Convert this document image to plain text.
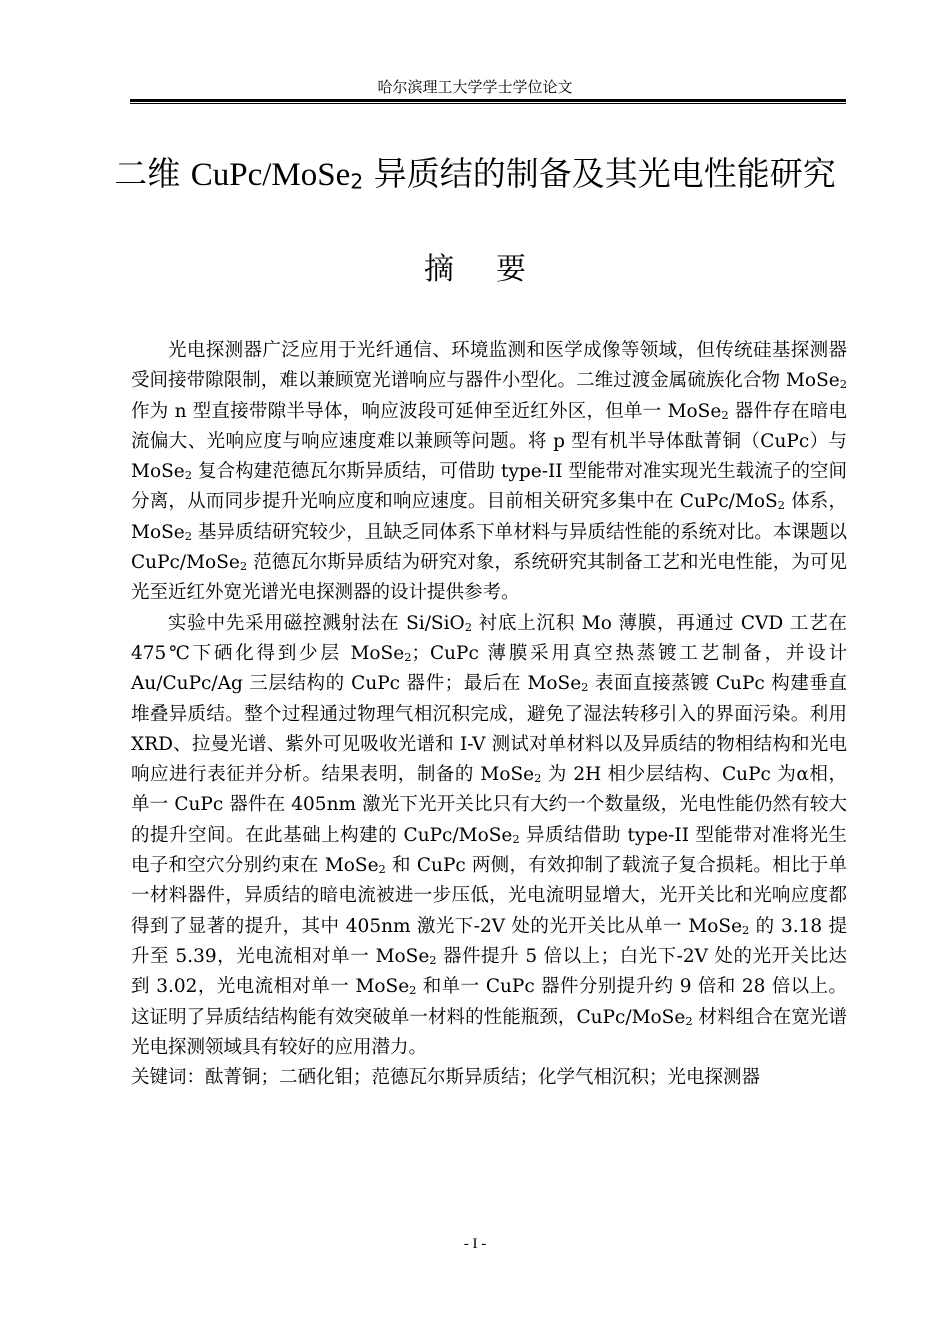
哈尔滨理工大学学士学位论文
二维 CuPc/MoSe$_2$ 异质结的制备及其光电性能研究
摘要

光电探测器广泛应用于光纤通信、环境监测和医学成像等领域，但传统硅基探测器受间接带隙限制，难以兼顾宽光谱响应与器件小型化。二维过渡金属硫族化合物 MoSe$_2$ 作为 n 型直接带隙半导体，响应波段可延伸至近红外区，但单一 MoSe$_2$ 器件存在暗电流偏大、光响应度与响应速度难以兼顾等问题。将 p 型有机半导体酞菁铜（CuPc）与 MoSe$_2$ 复合构建范德瓦尔斯异质结，可借助 type-II 型能带对准实现光生载流子的空间分离，从而同步提升光响应度和响应速度。目前相关研究多集中在 CuPc/MoS$_2$ 体系，MoSe$_2$ 基异质结研究较少，且缺乏同体系下单材料与异质结性能的系统对比。本课题以 CuPc/MoSe$_2$ 范德瓦尔斯异质结为研究对象，系统研究其制备工艺和光电性能，为可见光至近红外宽光谱光电探测器的设计提供参考。

实验中先采用磁控溅射法在 Si/SiO$_2$ 衬底上沉积 Mo 薄膜，再通过 CVD 工艺在 475℃下硒化得到少层 MoSe$_2$；CuPc 薄膜采用真空热蒸镀工艺制备，并设计 Au/CuPc/Ag 三层结构的 CuPc 器件；最后在 MoSe$_2$ 表面直接蒸镀 CuPc 构建垂直堆叠异质结。整个过程通过物理气相沉积完成，避免了湿法转移引入的界面污染。利用 XRD、拉曼光谱、紫外可见吸收光谱和 I-V 测试对单材料以及异质结的物相结构和光电响应进行表征并分析。结果表明，制备的 MoSe$_2$ 为 2H 相少层结构、CuPc 为α相，单一 CuPc 器件在 405nm 激光下光开关比只有大约一个数量级，光电性能仍然有较大的提升空间。在此基础上构建的 CuPc/MoSe$_2$ 异质结借助 type-II 型能带对准将光生电子和空穴分别约束在 MoSe$_2$ 和 CuPc 两侧，有效抑制了载流子复合损耗。相比于单一材料器件，异质结的暗电流被进一步压低，光电流明显增大，光开关比和光响应度都得到了显著的提升，其中 405nm 激光下-2V 处的光开关比从单一 MoSe$_2$ 的 3.18 提升至 5.39，光电流相对单一 MoSe$_2$ 器件提升 5 倍以上；白光下-2V 处的光开关比达到 3.02，光电流相对单一 MoSe$_2$ 和单一 CuPc 器件分别提升约 9 倍和 28 倍以上。这证明了异质结结构能有效突破单一材料的性能瓶颈，CuPc/MoSe$_2$ 材料组合在宽光谱光电探测领域具有较好的应用潜力。

关键词：酞菁铜；二硒化钼；范德瓦尔斯异质结；化学气相沉积；光电探测器

- I -
